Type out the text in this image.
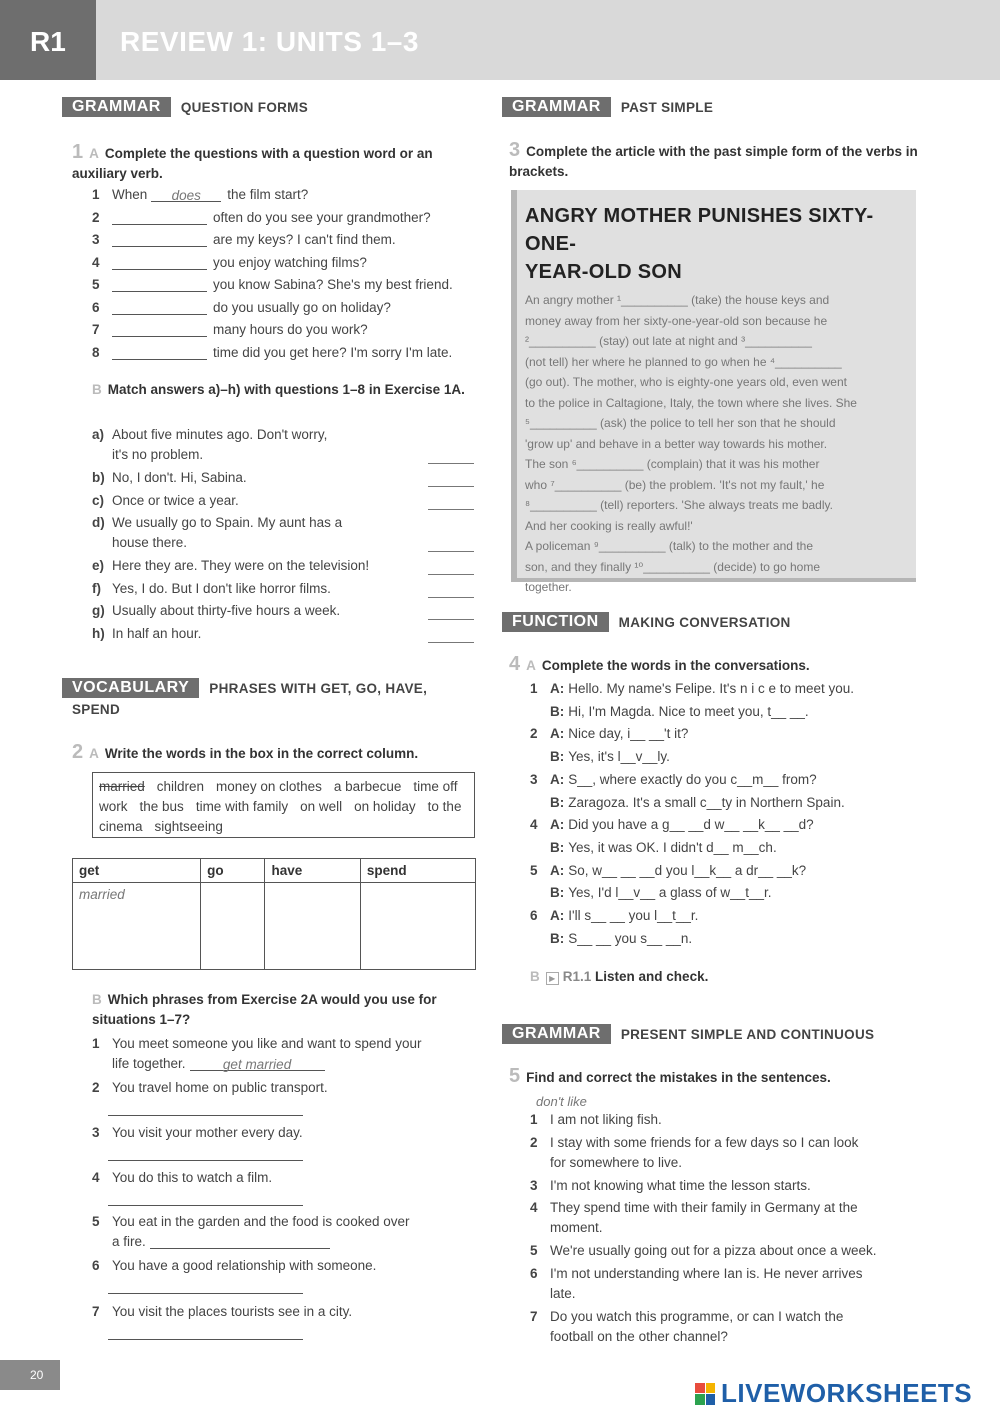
R1	REVIEW 1: UNITS 1–3
GRAMMAR	QUESTION FORMS
1 A Complete the questions with a question word or an auxiliary verb.
1 When does the film start?
2	often do you see your grandmother?
3	are my keys? I can't find them.
4	you enjoy watching films?
5	you know Sabina? She's my best friend.
6	do you usually go on holiday?
7	many hours do you work?
8	time did you get here? I'm sorry I'm late.
B Match answers a)–h) with questions 1–8 in Exercise 1A.
a) About five minutes ago. Don't worry,
it's no problem.
b) No, I don't. Hi, Sabina.
c) Once or twice a year.
d) We usually go to Spain. My aunt has a
house there.
e) Here they are. They were on the television!
f) Yes, I do. But I don't like horror films.
g) Usually about thirty-five hours a week.
h) In half an hour.
VOCABULARY	PHRASES WITH GET, GO, HAVE,
SPEND
2 A Write the words in the box in the correct column.
married children money on clothes a barbecue time off work the bus time with family on well on holiday to the cinema sightseeing
get	go	have	spend
married			
B Which phrases from Exercise 2A would you use for situations 1–7?
1 You meet someone you like and want to spend your
life together.	get married
2 You travel home on public transport.
3 You visit your mother every day.
4 You do this to watch a film.
5 You eat in the garden and the food is cooked over
a fire.
6 You have a good relationship with someone.
7 You visit the places tourists see in a city.
GRAMMAR	PAST SIMPLE
3 Complete the article with the past simple form of the verbs in brackets.
ANGRY MOTHER PUNISHES SIXTY-ONE-
YEAR-OLD SON
An angry mother ¹__________ (take) the house keys and
money away from her sixty-one-year-old son because he
²__________ (stay) out late at night and ³__________
(not tell) her where he planned to go when he ⁴__________
(go out). The mother, who is eighty-one years old, even went
to the police in Caltagione, Italy, the town where she lives. She
⁵__________ (ask) the police to tell her son that he should
'grow up' and behave in a better way towards his mother.
The son ⁶__________ (complain) that it was his mother
who ⁷__________ (be) the problem. 'It's not my fault,' he
⁸__________ (tell) reporters. 'She always treats me badly.
And her cooking is really awful!'
A policeman ⁹__________ (talk) to the mother and the
son, and they finally ¹⁰__________ (decide) to go home
together.
FUNCTION	MAKING CONVERSATION
4 A Complete the words in the conversations.
1 A: Hello. My name's Felipe. It's n i c e to meet you.
B: Hi, I'm Magda. Nice to meet you, t__ __.
2 A: Nice day, i__ __'t it?
B: Yes, it's l__v__ly.
3 A: S__, where exactly do you c__m__ from?
B: Zaragoza. It's a small c__ty in Northern Spain.
4 A: Did you have a g__ __d w__ __k__ __d?
B: Yes, it was OK. I didn't d__ m__ch.
5 A: So, w__ __ __d you l__k__ a dr__ __k?
B: Yes, I'd l__v__ a glass of w__t__r.
6 A: I'll s__ __ you l__t__r.
B: S__ __ you s__ __n.
B ▶ R1.1 Listen and check.
GRAMMAR	PRESENT SIMPLE AND CONTINUOUS
5 Find and correct the mistakes in the sentences.
don't like
1 I am not liking fish.
2 I stay with some friends for a few days so I can look
for somewhere to live.
3 I'm not knowing what time the lesson starts.
4 They spend time with their family in Germany at the
moment.
5 We're usually going out for a pizza about once a week.
6 I'm not understanding where Ian is. He never arrives
late.
7 Do you watch this programme, or can I watch the
football on the other channel?
20
LIVEWORKSHEETS
